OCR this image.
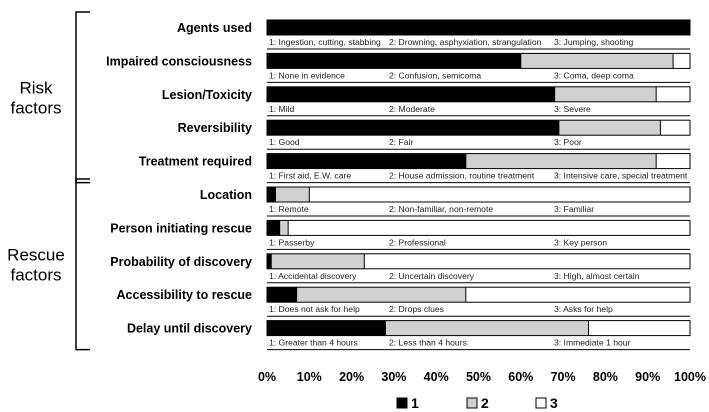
Agents used
1: Ingestion, cutting, stabbing 2: Drowning, asphyxiation, strangulation 3: Jumping, shooting
Impaired consciousness
1: None in evidence	2: Confusion, semicoma	3: Coma, deep coma
Lesion/Toxicity
1: Mild	2: Moderate	3: Severe
Reversibility
1: Good	2: Fair	3: Poor
Treatment required
1: First aid, E.W. care	2: House admission, routine treatment 3: Intensive care, special treatment
Location
1: Remote	2: Non-familiar, non-remote	3: Familiar
Person initiating rescue
1: Passerby	2: Professional	3: Key person
Probability of discovery
1: Accidental discovery	2: Uncertain discovery	3: High, almost certain
Accessibility to rescue
1: Does not ask for help	2: Drops clues	3: Asks for help
Delay until discovery
1: Greater than 4 hours	2: Less than 4 hours	3: Immediate 1 hour
Risk
factors
Rescue
factors
0% 10% 20% 30% 40% 50% 60% 70% 80% 90% 100%
1	2	3
